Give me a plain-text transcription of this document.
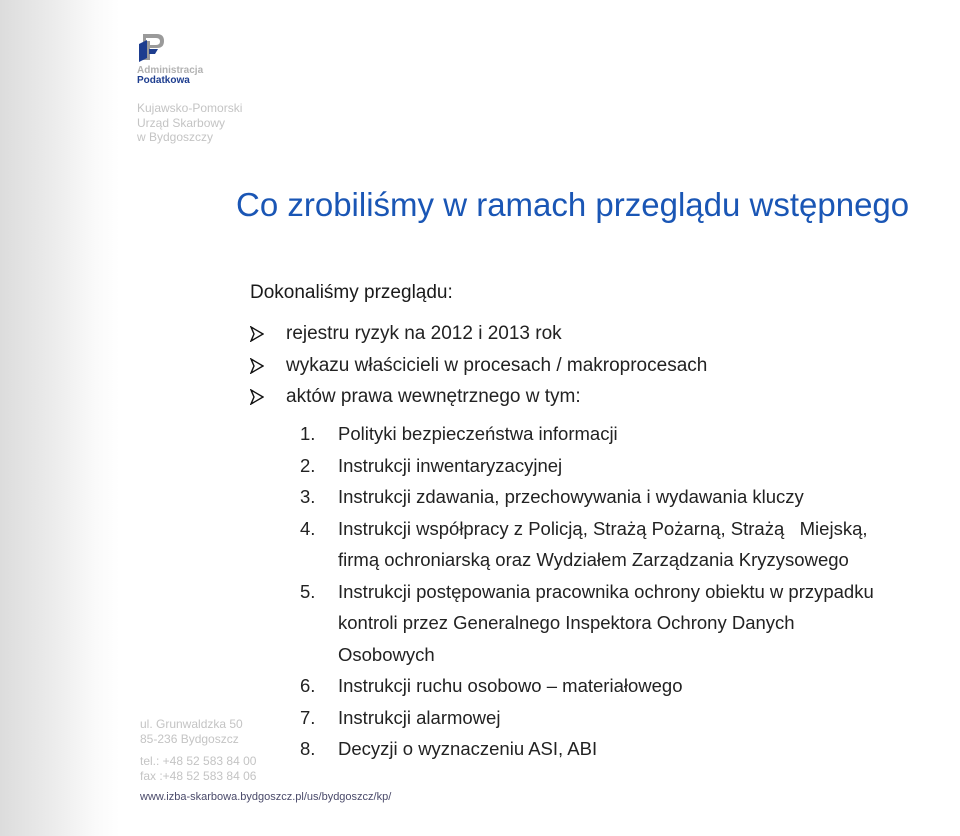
Administracja
Podatkowa
Kujawsko-Pomorski
Urząd Skarbowy
w Bydgoszczy
Co zrobiliśmy w ramach przeglądu wstępnego
Dokonaliśmy przeglądu:
rejestru ryzyk na 2012 i 2013 rok
wykazu właścicieli w procesach / makroprocesach
aktów prawa wewnętrznego w tym:
1. Polityki bezpieczeństwa informacji
2. Instrukcji inwentaryzacyjnej
3. Instrukcji zdawania, przechowywania i wydawania kluczy
4. Instrukcji współpracy z Policją, Strażą Pożarną, Strażą   Miejską,
firmą ochroniarską oraz Wydziałem Zarządzania Kryzysowego
5. Instrukcji postępowania pracownika ochrony obiektu w przypadku
kontroli przez Generalnego Inspektora Ochrony Danych
Osobowych
6. Instrukcji ruchu osobowo – materiałowego
7. Instrukcji alarmowej
8. Decyzji o wyznaczeniu ASI, ABI
ul. Grunwaldzka 50
85-236 Bydgoszcz
tel.: +48 52 583 84 00
fax :+48 52 583 84 06
www.izba-skarbowa.bydgoszcz.pl/us/bydgoszcz/kp/
